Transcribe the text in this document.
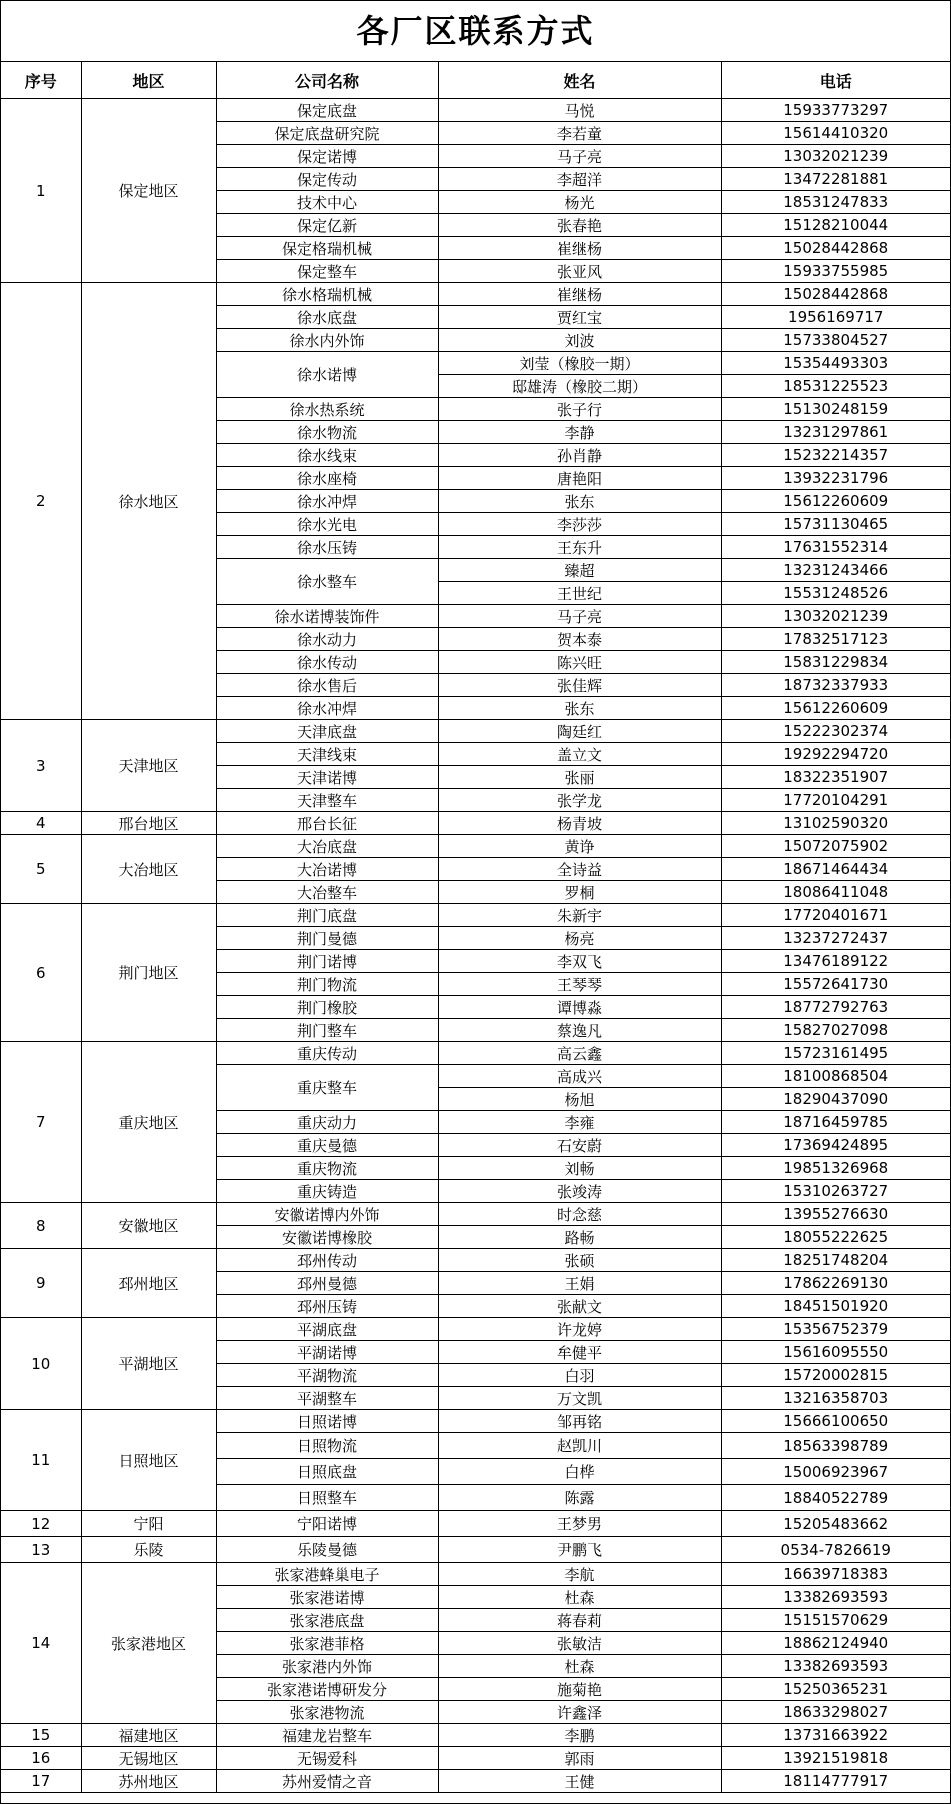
各厂区联系方式
序号	地区	公司名称	姓名	电话
1	保定地区	保定底盘	马悦	15933773297
		保定底盘研究院	李若童	15614410320
		保定诺博	马子亮	13032021239
		保定传动	李超洋	13472281881
		技术中心	杨光	18531247833
		保定亿新	张春艳	15128210044
		保定格瑞机械	崔继杨	15028442868
		保定整车	张亚风	15933755985
2	徐水地区	徐水格瑞机械	崔继杨	15028442868
		徐水底盘	贾红宝	1956169717
		徐水内外饰	刘波	15733804527
		徐水诺博	刘莹（橡胶一期）	15354493303
			邸雄涛（橡胶二期）	18531225523
		徐水热系统	张子行	15130248159
		徐水物流	李静	13231297861
		徐水线束	孙肖静	15232214357
		徐水座椅	唐艳阳	13932231796
		徐水冲焊	张东	15612260609
		徐水光电	李莎莎	15731130465
		徐水压铸	王东升	17631552314
		徐水整车	臻超	13231243466
			王世纪	15531248526
		徐水诺博装饰件	马子亮	13032021239
		徐水动力	贺本泰	17832517123
		徐水传动	陈兴旺	15831229834
		徐水售后	张佳辉	18732337933
		徐水冲焊	张东	15612260609
3	天津地区	天津底盘	陶廷红	15222302374
		天津线束	盖立文	19292294720
		天津诺博	张丽	18322351907
		天津整车	张学龙	17720104291
4	邢台地区	邢台长征	杨青坡	13102590320
5	大冶地区	大冶底盘	黄诤	15072075902
		大冶诺博	全诗益	18671464434
		大冶整车	罗桐	18086411048
6	荆门地区	荆门底盘	朱新宇	17720401671
		荆门曼德	杨亮	13237272437
		荆门诺博	李双飞	13476189122
		荆门物流	王琴琴	15572641730
		荆门橡胶	谭博淼	18772792763
		荆门整车	蔡逸凡	15827027098
7	重庆地区	重庆传动	高云鑫	15723161495
		重庆整车	高成兴	18100868504
			杨旭	18290437090
		重庆动力	李雍	18716459785
		重庆曼德	石安蔚	17369424895
		重庆物流	刘畅	19851326968
		重庆铸造	张竣涛	15310263727
8	安徽地区	安徽诺博内外饰	时念慈	13955276630
		安徽诺博橡胶	路畅	18055222625
9	邳州地区	邳州传动	张硕	18251748204
		邳州曼德	王娟	17862269130
		邳州压铸	张献文	18451501920
10	平湖地区	平湖底盘	许龙婷	15356752379
		平湖诺博	牟健平	15616095550
		平湖物流	白羽	15720002815
		平湖整车	万文凯	13216358703
11	日照地区	日照诺博	邹再铭	15666100650
		日照物流	赵凯川	18563398789
		日照底盘	白桦	15006923967
		日照整车	陈露	18840522789
12	宁阳	宁阳诺博	王梦男	15205483662
13	乐陵	乐陵曼德	尹鹏飞	0534-7826619
14	张家港地区	张家港蜂巢电子	李航	16639718383
		张家港诺博	杜森	13382693593
		张家港底盘	蒋春莉	15151570629
		张家港菲格	张敏洁	18862124940
		张家港内外饰	杜森	13382693593
		张家港诺博研发分	施菊艳	15250365231
		张家港物流	许鑫泽	18633298027
15	福建地区	福建龙岩整车	李鹏	13731663922
16	无锡地区	无锡爱科	郭雨	13921519818
17	苏州地区	苏州爱情之音	王健	18114777917
